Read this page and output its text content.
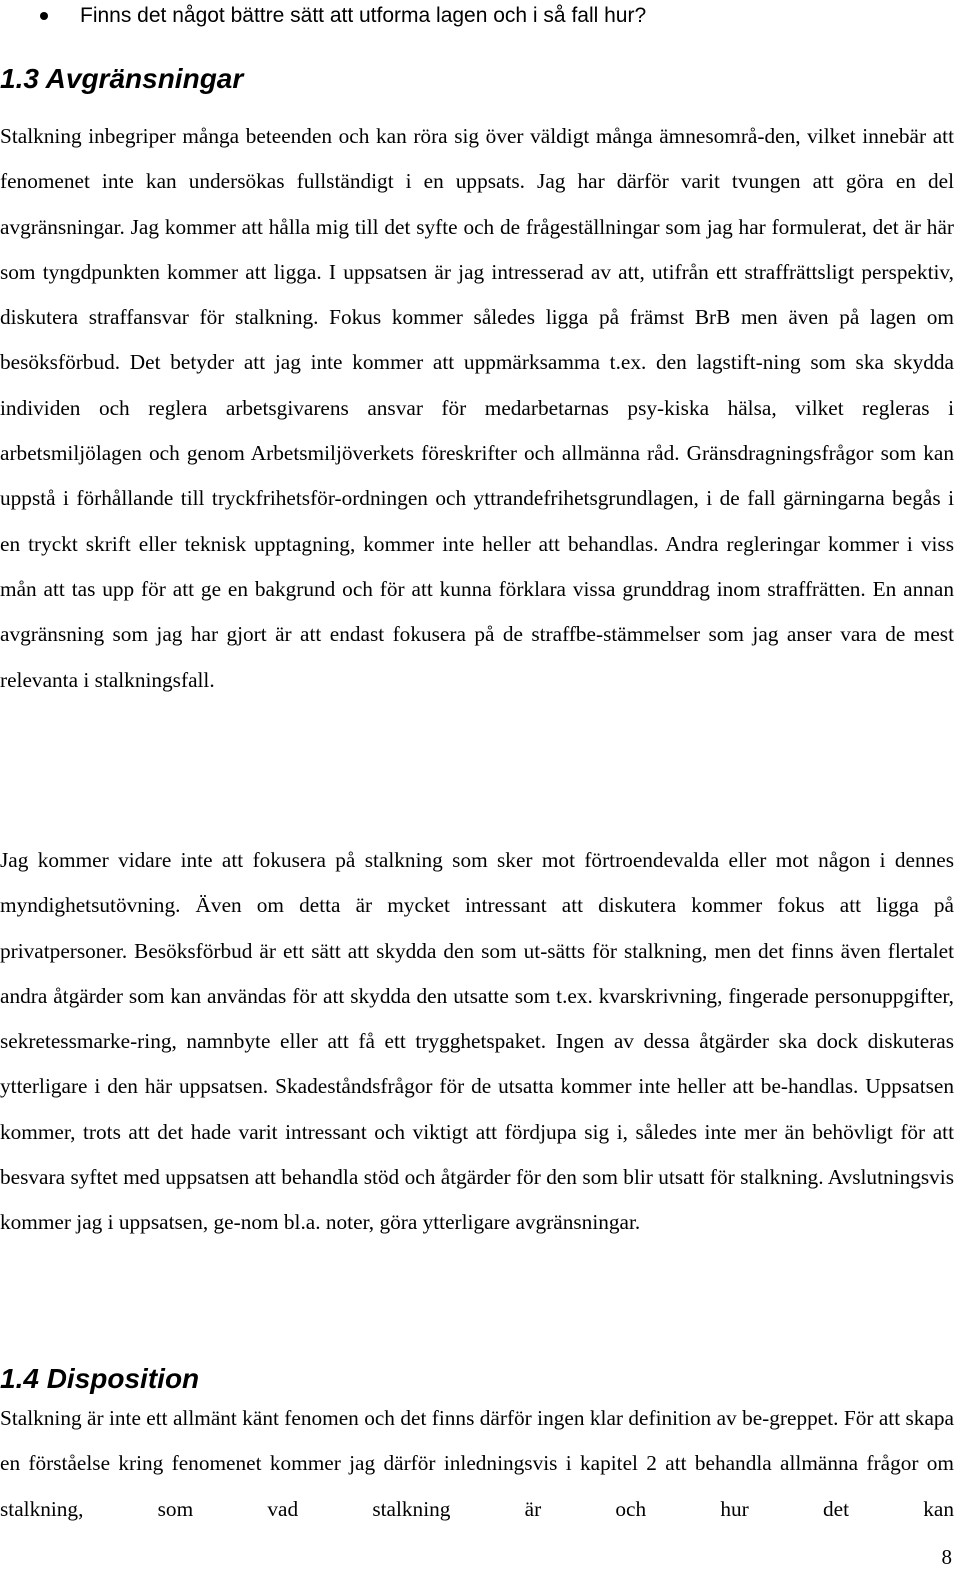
Finns det något bättre sätt att utforma lagen och i så fall hur?
1.3 Avgränsningar

Stalkning inbegriper många beteenden och kan röra sig över väldigt många ämnesområ-den, vilket innebär att fenomenet inte kan undersökas fullständigt i en uppsats. Jag har därför varit tvungen att göra en del avgränsningar. Jag kommer att hålla mig till det syfte och de frågeställningar som jag har formulerat, det är här som tyngdpunkten kommer att ligga. I uppsatsen är jag intresserad av att, utifrån ett straffrättsligt perspektiv, diskutera straffansvar för stalkning. Fokus kommer således ligga på främst BrB men även på lagen om besöksförbud. Det betyder att jag inte kommer att uppmärksamma t.ex. den lagstift-ning som ska skydda individen och reglera arbetsgivarens ansvar för medarbetarnas psy-kiska hälsa, vilket regleras i arbetsmiljölagen och genom Arbetsmiljöverkets föreskrifter och allmänna råd. Gränsdragningsfrågor som kan uppstå i förhållande till tryckfrihetsför-ordningen och yttrandefrihetsgrundlagen, i de fall gärningarna begås i en tryckt skrift eller teknisk upptagning, kommer inte heller att behandlas. Andra regleringar kommer i viss mån att tas upp för att ge en bakgrund och för att kunna förklara vissa grunddrag inom straffrätten. En annan avgränsning som jag har gjort är att endast fokusera på de straffbe-stämmelser som jag anser vara de mest relevanta i stalkningsfall.

Jag kommer vidare inte att fokusera på stalkning som sker mot förtroendevalda eller mot någon i dennes myndighetsutövning. Även om detta är mycket intressant att diskutera kommer fokus att ligga på privatpersoner. Besöksförbud är ett sätt att skydda den som ut-sätts för stalkning, men det finns även flertalet andra åtgärder som kan användas för att skydda den utsatte som t.ex. kvarskrivning, fingerade personuppgifter, sekretessmarke-ring, namnbyte eller att få ett trygghetspaket. Ingen av dessa åtgärder ska dock diskuteras ytterligare i den här uppsatsen. Skadeståndsfrågor för de utsatta kommer inte heller att be-handlas. Uppsatsen kommer, trots att det hade varit intressant och viktigt att fördjupa sig i, således inte mer än behövligt för att besvara syftet med uppsatsen att behandla stöd och åtgärder för den som blir utsatt för stalkning. Avslutningsvis kommer jag i uppsatsen, ge-nom bl.a. noter, göra ytterligare avgränsningar.

1.4 Disposition

Stalkning är inte ett allmänt känt fenomen och det finns därför ingen klar definition av be-greppet. För att skapa en förståelse kring fenomenet kommer jag därför inledningsvis i kapitel 2 att behandla allmänna frågor om stalkning, som vad stalkning är och hur det kan

8
